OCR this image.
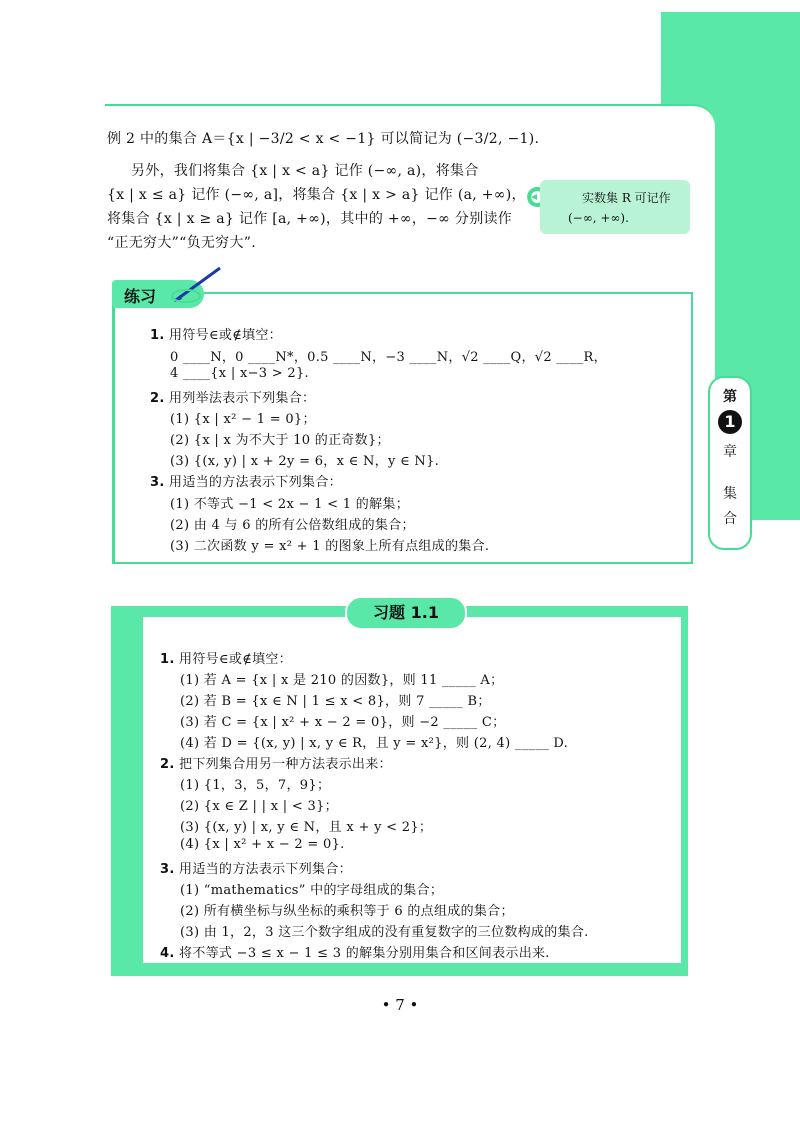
第
1
章
集
合
例 2 中的集合 A＝{x | −3/2 < x < −1} 可以简记为 (−3/2, −1).
另外，我们将集合 {x | x < a} 记作 (−∞, a)，将集合
{x | x ≤ a} 记作 (−∞, a]，将集合 {x | x > a} 记作 (a, +∞)，
将集合 {x | x ≥ a} 记作 [a, +∞)，其中的 +∞，−∞ 分别读作
“正无穷大”“负无穷大”.
实数集 R 可记作
(−∞, +∞).
练习
1. 用符号∈或∉填空：
0 ____N，0 ____N*，0.5 ____N，−3 ____N，√2 ____Q，√2 ____R，
4 ____{x | x−3 > 2}.
2. 用列举法表示下列集合：
(1) {x | x² − 1 = 0}；
(2) {x | x 为不大于 10 的正奇数}；
(3) {(x, y) | x + 2y = 6，x ∈ N，y ∈ N}.
3. 用适当的方法表示下列集合：
(1) 不等式 −1 < 2x − 1 < 1 的解集；
(2) 由 4 与 6 的所有公倍数组成的集合；
(3) 二次函数 y = x² + 1 的图象上所有点组成的集合.
习题 1.1
1. 用符号∈或∉填空：
(1) 若 A = {x | x 是 210 的因数}，则 11 _____ A；
(2) 若 B = {x ∈ N | 1 ≤ x < 8}，则 7 _____ B；
(3) 若 C = {x | x² + x − 2 = 0}，则 −2 _____ C；
(4) 若 D = {(x, y) | x, y ∈ R，且 y = x²}，则 (2, 4) _____ D.
2. 把下列集合用另一种方法表示出来：
(1) {1，3，5，7，9}；
(2) {x ∈ Z | | x | < 3}；
(3) {(x, y) | x, y ∈ N，且 x + y < 2}；
(4) {x | x² + x − 2 = 0}.
3. 用适当的方法表示下列集合：
(1) “mathematics” 中的字母组成的集合；
(2) 所有横坐标与纵坐标的乘积等于 6 的点组成的集合；
(3) 由 1，2，3 这三个数字组成的没有重复数字的三位数构成的集合.
4. 将不等式 −3 ≤ x − 1 ≤ 3 的解集分别用集合和区间表示出来.
• 7 •
